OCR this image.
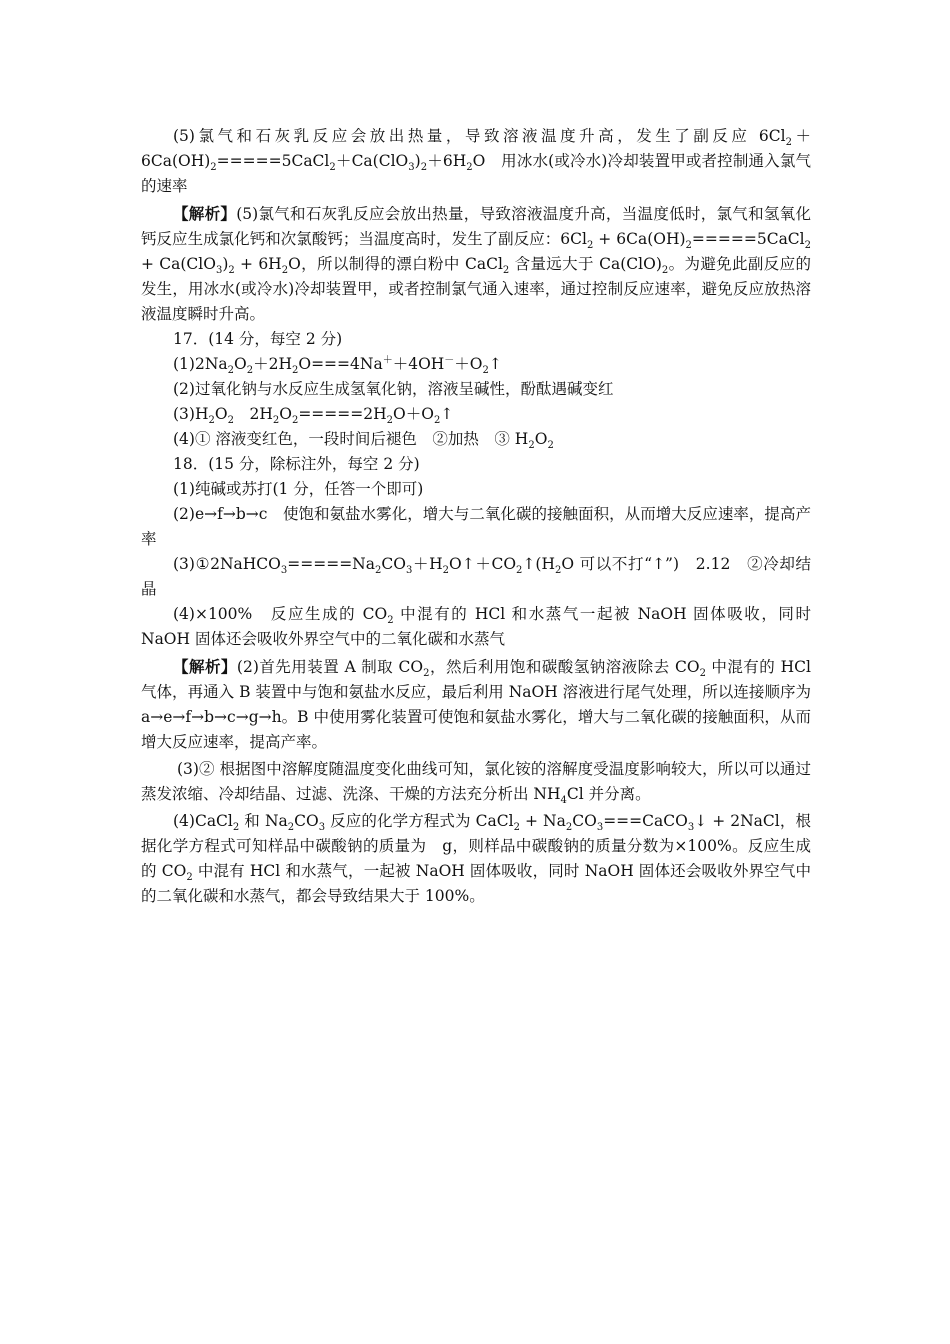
(5)氯气和石灰乳反应会放出热量，导致溶液温度升高，发生了副反应 $6Cl_2+6Ca(OH)_2=====5CaCl_2+Ca(ClO_3)_2+6H_2O$　用冰水(或冷水)冷却装置甲或者控制通入氯气的速率

【解析】(5)氯气和石灰乳反应会放出热量，导致溶液温度升高，当温度低时，氯气和氢氧化钙反应生成氯化钙和次氯酸钙；当温度高时，发生了副反应：$6Cl_2$ + $6Ca(OH)_2=====5CaCl_2 + Ca(ClO_3)_2 + 6H_2O$，所以制得的漂白粉中 CaCl$_2$ 含量远大于 $Ca(ClO)_2$。为避免此副反应的发生，用冰水(或冷水)冷却装置甲，或者控制氯气通入速率，通过控制反应速率，避免反应放热溶液温度瞬时升高。

17．(14 分，每空 2 分)

$(1)2Na_2O_2+2H_2O===4Na^++4OH^-+O_2↑$

(2)过氧化钠与水反应生成氢氧化钠，溶液呈碱性，酚酞遇碱变红

$(3)H_2O_2$　$2H_2O_2=====2H_2O+O_2↑$

(4)① 溶液变红色，一段时间后褪色　②加热　③ $H_2O_2$

18．(15 分，除标注外，每空 2 分)

(1)纯碱或苏打(1 分，任答一个即可)

(2)e→f→b→c　使饱和氨盐水雾化，增大与二氧化碳的接触面积，从而增大反应速率，提高产率

$(3)①2NaHCO_3=====Na_2CO_3+H_2O↑+CO_2↑(H_2O$ 可以不打“↑”)　2.12　②冷却结晶

(4)×100%　反应生成的 $CO_2$ 中混有的 HCl 和水蒸气一起被 NaOH 固体吸收，同时 NaOH 固体还会吸收外界空气中的二氧化碳和水蒸气

【解析】(2)首先用装置 A 制取 $CO_2$，然后利用饱和碳酸氢钠溶液除去 $CO_2$ 中混有的 HCl 气体，再通入 B 装置中与饱和氨盐水反应，最后利用 NaOH 溶液进行尾气处理，所以连接顺序为 a→e→f→b→c→g→h。B 中使用雾化装置可使饱和氨盐水雾化，增大与二氧化碳的接触面积，从而增大反应速率，提高产率。

(3)② 根据图中溶解度随温度变化曲线可知，氯化铵的溶解度受温度影响较大，所以可以通过蒸发浓缩、冷却结晶、过滤、洗涤、干燥的方法充分析出 $NH_4Cl$ 并分离。

(4)CaCl$_2$ 和 $Na_2CO_3$ 反应的化学方程式为 CaCl$_2$ + $Na_2CO_3===CaCO_3↓$ + 2NaCl，根据化学方程式可知样品中碳酸钠的质量为　g，则样品中碳酸钠的质量分数为×100%。反应生成的 $CO_2$ 中混有 HCl 和水蒸气，一起被 NaOH 固体吸收，同时 NaOH 固体还会吸收外界空气中的二氧化碳和水蒸气，都会导致结果大于 100%。
